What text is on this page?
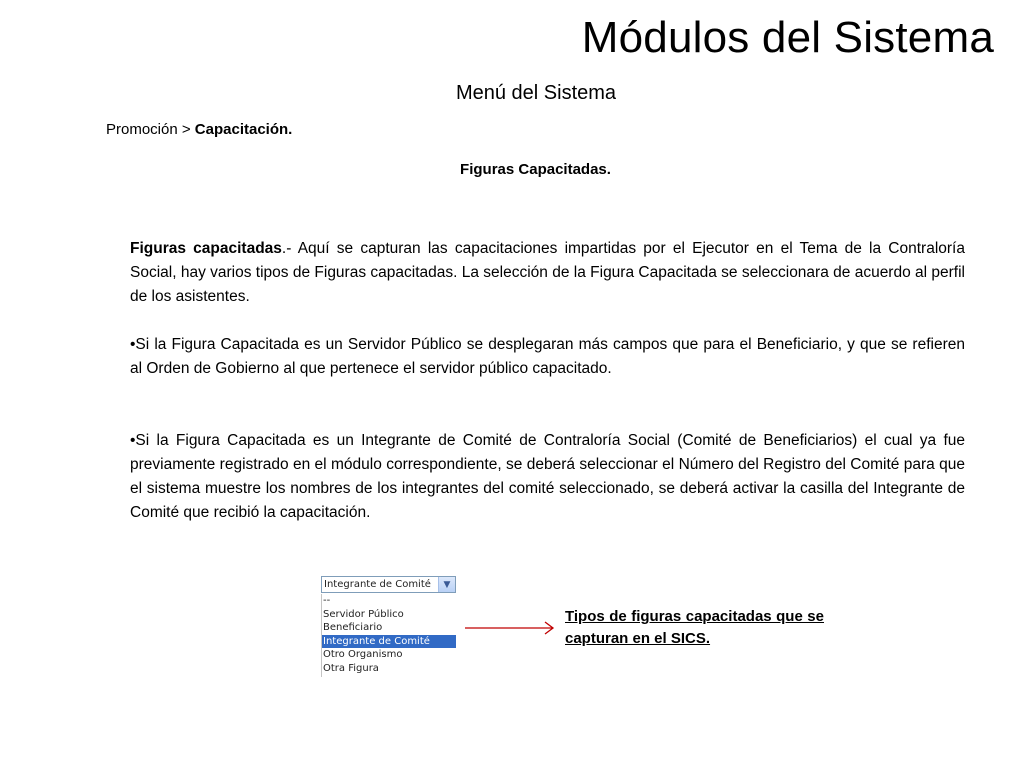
Módulos del Sistema
Menú del Sistema
Promoción > Capacitación.
Figuras Capacitadas.

Figuras capacitadas.- Aquí se capturan las capacitaciones impartidas por el Ejecutor en el Tema de la Contraloría Social, hay varios tipos de Figuras capacitadas. La selección de la Figura Capacitada se seleccionara de acuerdo al perfil de los asistentes.

•Si la Figura Capacitada es un Servidor Público se desplegaran más campos que para el Beneficiario, y que se refieren al Orden de Gobierno al que pertenece el servidor público capacitado.

•Si la Figura Capacitada es un Integrante de Comité de Contraloría Social (Comité de Beneficiarios) el cual ya fue previamente registrado en el módulo correspondiente, se deberá seleccionar el Número del Registro del Comité para que el sistema muestre los nombres de los integrantes del comité seleccionado, se deberá activar la casilla del Integrante de Comité que recibió la capacitación.

Integrante de Comité	▼
--
Servidor Público
Beneficiario
Integrante de Comité
Otro Organismo
Otra Figura
Tipos de figuras capacitadas que se capturan en el SICS.
